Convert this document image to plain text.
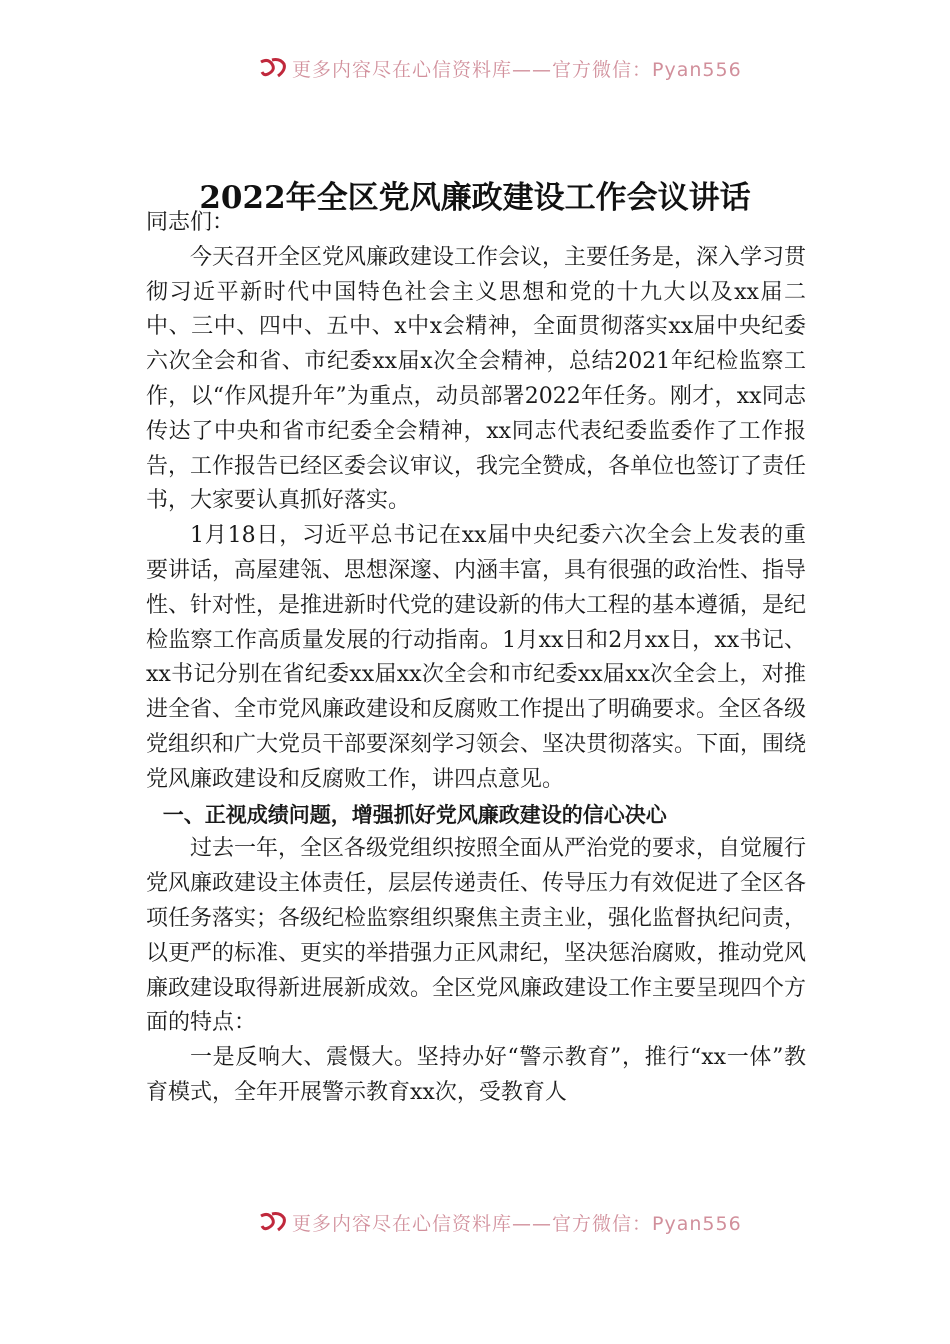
更多内容尽在心信资料库——官方微信：Pyan556
2022年全区党风廉政建设工作会议讲话

同志们：

今天召开全区党风廉政建设工作会议，主要任务是，深入学习贯彻习近平新时代中国特色社会主义思想和党的十九大以及xx届二中、三中、四中、五中、x中x会精神，全面贯彻落实xx届中央纪委六次全会和省、市纪委xx届x次全会精神，总结2021年纪检监察工作，以“作风提升年”为重点，动员部署2022年任务。刚才，xx同志传达了中央和省市纪委全会精神，xx同志代表纪委监委作了工作报告，工作报告已经区委会议审议，我完全赞成，各单位也签订了责任书，大家要认真抓好落实。

1月18日，习近平总书记在xx届中央纪委六次全会上发表的重要讲话，高屋建瓴、思想深邃、内涵丰富，具有很强的政治性、指导性、针对性，是推进新时代党的建设新的伟大工程的基本遵循，是纪检监察工作高质量发展的行动指南。1月xx日和2月xx日，xx书记、xx书记分别在省纪委xx届xx次全会和市纪委xx届xx次全会上，对推进全省、全市党风廉政建设和反腐败工作提出了明确要求。全区各级党组织和广大党员干部要深刻学习领会、坚决贯彻落实。下面，围绕党风廉政建设和反腐败工作，讲四点意见。

一、正视成绩问题，增强抓好党风廉政建设的信心决心

过去一年，全区各级党组织按照全面从严治党的要求，自觉履行党风廉政建设主体责任，层层传递责任、传导压力有效促进了全区各项任务落实；各级纪检监察组织聚焦主责主业，强化监督执纪问责，以更严的标准、更实的举措强力正风肃纪，坚决惩治腐败，推动党风廉政建设取得新进展新成效。全区党风廉政建设工作主要呈现四个方面的特点：

一是反响大、震慑大。坚持办好“警示教育”，推行“xx一体”教育模式，全年开展警示教育xx次，受教育人

更多内容尽在心信资料库——官方微信：Pyan556
